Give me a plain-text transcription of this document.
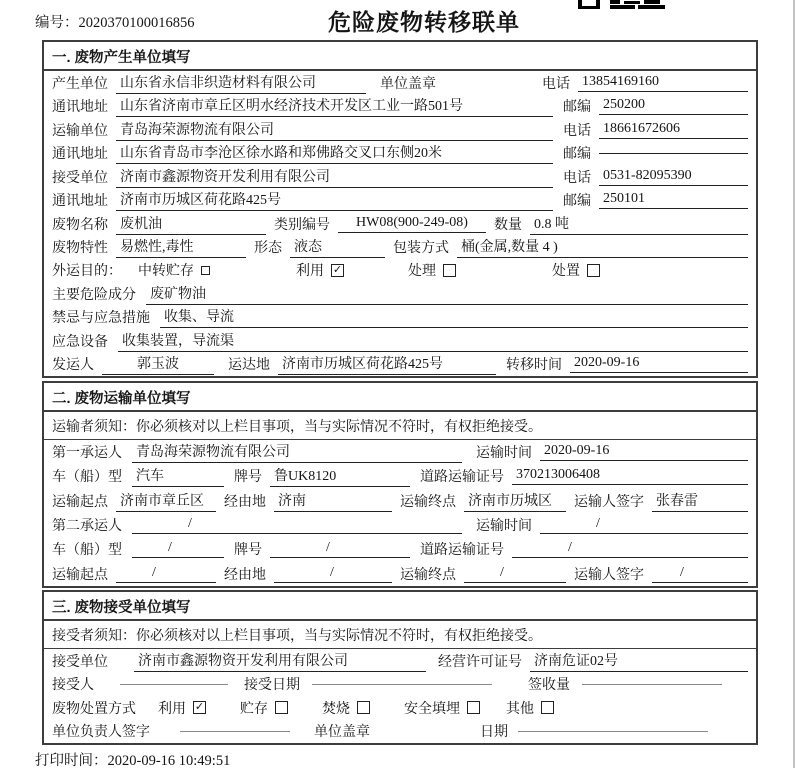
编号：2020370100016856	危险废物转移联单
一. 废物产生单位填写
产生单位 山东省永信非织造材料有限公司	单位盖章	电话 13854169160
通讯地址 山东省济南市章丘区明水经济技术开发区工业一路501号	邮编 250200
运输单位 青岛海荣源物流有限公司	电话 18661672606
通讯地址 山东省青岛市李沧区徐水路和郑佛路交叉口东侧20米	邮编
接受单位 济南市鑫源物资开发利用有限公司	电话 0531-82095390
通讯地址 济南市历城区荷花路425号	邮编 250101
废物名称 废机油	类别编号	HW08(900-249-08)	数量 0.8 吨
废物特性 易燃性,毒性	形态 液态	包装方式 桶(金属,数量 4 )
外运目的： 中转贮存	利用 ✓	处理	处置
主要危险成分 废矿物油
禁忌与应急措施 收集、导流
应急设备 收集装置，导流渠
发运人	郭玉波	运达地 济南市历城区荷花路425号	转移时间 2020-09-16
二. 废物运输单位填写
运输者须知：你必须核对以上栏目事项，当与实际情况不符时，有权拒绝接受。
第一承运人 青岛海荣源物流有限公司	运输时间 2020-09-16
车（船）型 汽车	牌号 鲁UK8120	道路运输证号 370213006408
运输起点 济南市章丘区	经由地 济南	运输终点 济南市历城区	运输人签字 张春雷
第二承运人	/	运输时间	/
车（船）型	/	牌号	/	道路运输证号	/
运输起点	/	经由地	/	运输终点	/	运输人签字	/
三. 废物接受单位填写
接受者须知：你必须核对以上栏目事项，当与实际情况不符时，有权拒绝接受。
接受单位 济南市鑫源物资开发利用有限公司	经营许可证号 济南危证02号
接受人	接受日期	签收量
废物处置方式 利用 ✓	贮存	焚烧	安全填埋	其他
单位负责人签字	单位盖章	日期
打印时间：2020-09-16 10:49:51
